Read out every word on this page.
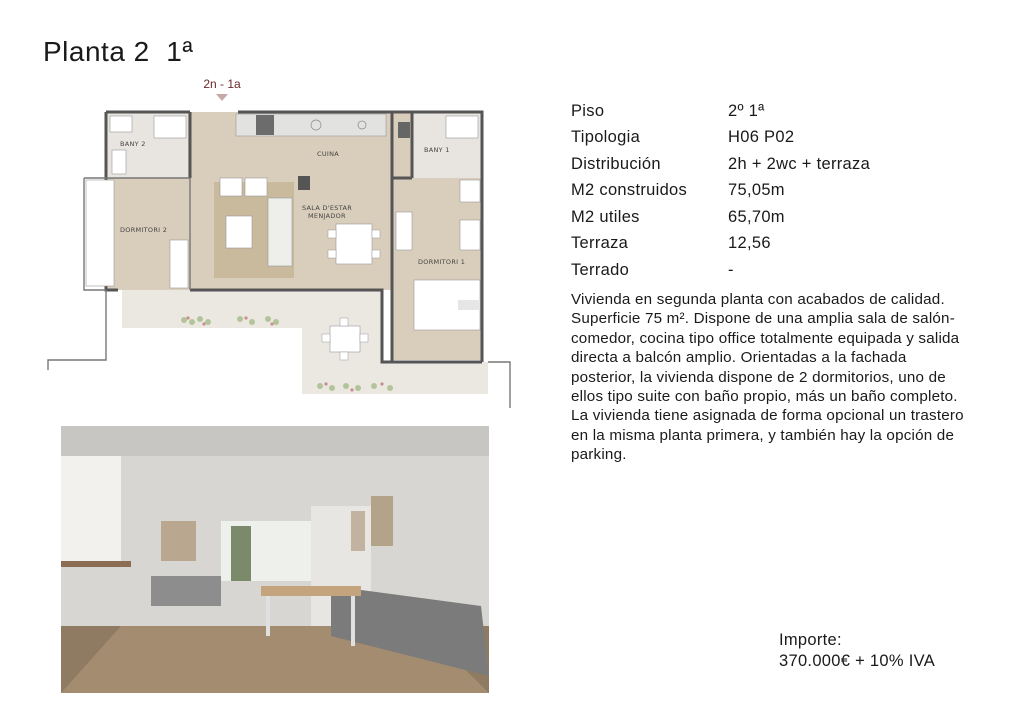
Planta 2  1ª
2n - 1a
BANY 2
BANY 1
CUINA
SALA D'ESTAR
MENJADOR
DORMITORI 2
DORMITORI 1
Piso	2º 1ª
Tipologia	H06 P02
Distribución	2h + 2wc + terraza
M2 construidos	75,05m
M2 utiles	65,70m
Terraza	12,56
Terrado	-

Vivienda en segunda planta con acabados de calidad. Superficie 75 m². Dispone de una amplia sala de salón-comedor, cocina tipo office totalmente equipada y salida directa a balcón amplio. Orientadas a la fachada posterior, la vivienda dispone de 2 dormitorios, uno de ellos tipo suite con baño propio, más un baño completo. La vivienda tiene asignada de forma opcional un trastero en la misma planta primera, y también hay la opción de parking.

Importe:
370.000€ + 10% IVA
